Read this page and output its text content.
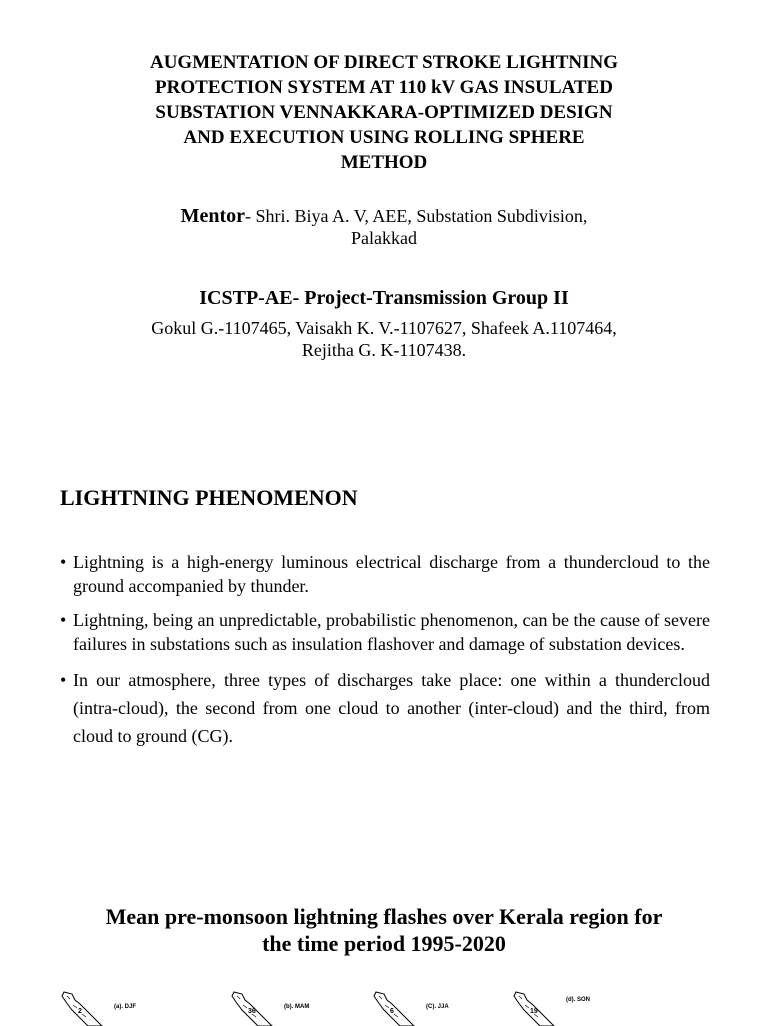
AUGMENTATION OF DIRECT STROKE LIGHTNING
PROTECTION SYSTEM AT 110 kV GAS INSULATED
SUBSTATION VENNAKKARA-OPTIMIZED DESIGN
AND EXECUTION USING ROLLING SPHERE
METHOD
Mentor- Shri. Biya A. V, AEE, Substation Subdivision,
Palakkad
ICSTP-AE- Project-Transmission Group II
Gokul G.-1107465, Vaisakh K. V.-1107627, Shafeek A.1107464,
Rejitha G. K-1107438.
LIGHTNING PHENOMENON
• Lightning is a high-energy luminous electrical discharge from a thundercloud to the ground accompanied by thunder.
• Lightning, being an unpredictable, probabilistic phenomenon, can be the cause of severe failures in substations such as insulation flashover and damage of substation devices.
• In our atmosphere, three types of discharges take place: one within a thundercloud (intra-cloud), the second from one cloud to another (inter-cloud) and the third, from cloud to ground (CG).
Mean pre-monsoon lightning flashes over Kerala region for
the time period 1995-2020
2
(a). DJF
36
(b). MAM
6
(C). JJA
19
(d). SON
